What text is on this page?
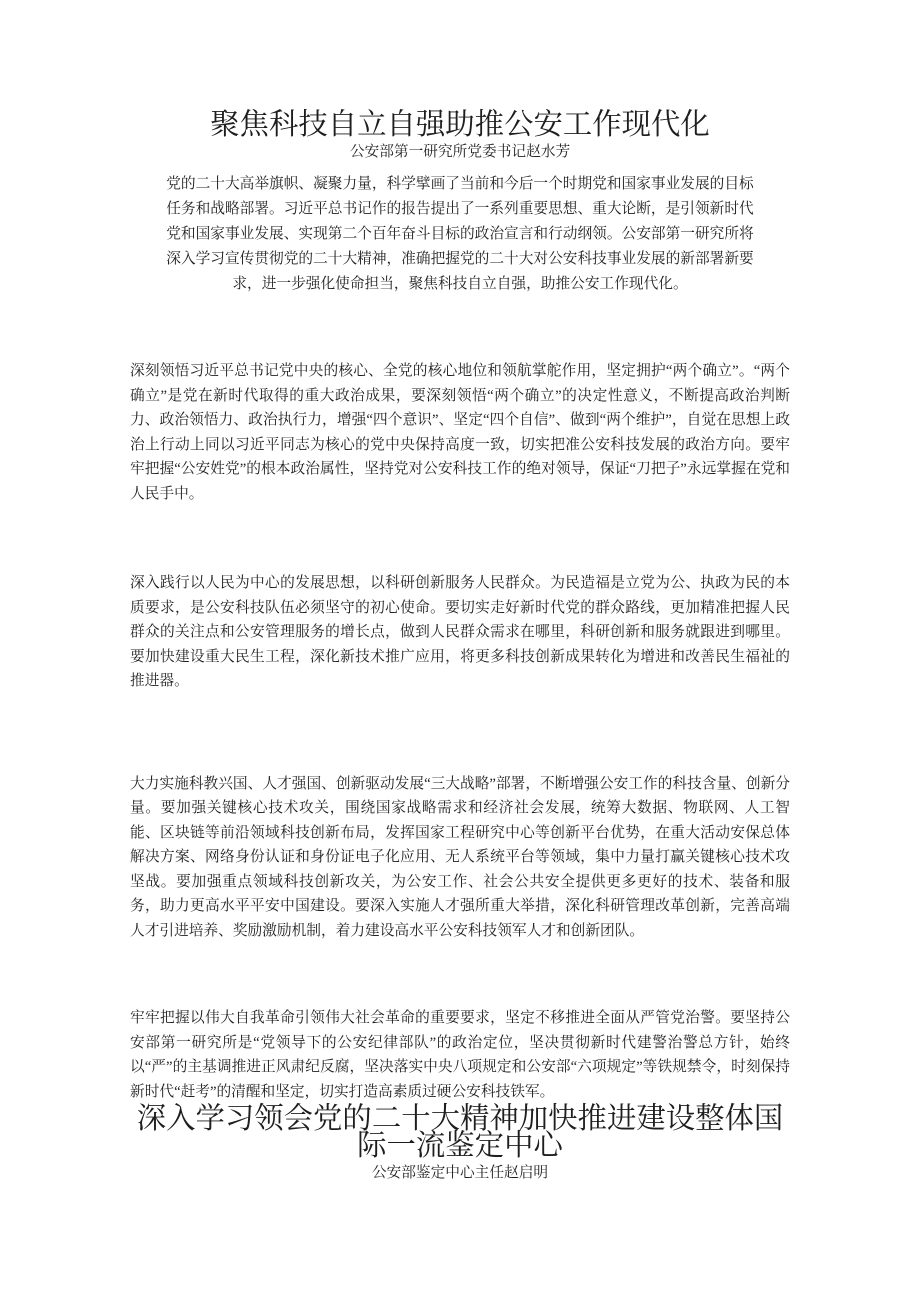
聚焦科技自立自强助推公安工作现代化
公安部第一研究所党委书记赵水芳
党的二十大高举旗帜、凝聚力量，科学擘画了当前和今后一个时期党和国家事业发展的目标任务和战略部署。习近平总书记作的报告提出了一系列重要思想、重大论断，是引领新时代党和国家事业发展、实现第二个百年奋斗目标的政治宣言和行动纲领。公安部第一研究所将深入学习宣传贯彻党的二十大精神，准确把握党的二十大对公安科技事业发展的新部署新要求，进一步强化使命担当，聚焦科技自立自强，助推公安工作现代化。

深刻领悟习近平总书记党中央的核心、全党的核心地位和领航掌舵作用，坚定拥护“两个确立”。“两个确立”是党在新时代取得的重大政治成果，要深刻领悟“两个确立”的决定性意义，不断提高政治判断力、政治领悟力、政治执行力，增强“四个意识”、坚定“四个自信”、做到“两个维护”，自觉在思想上政治上行动上同以习近平同志为核心的党中央保持高度一致，切实把准公安科技发展的政治方向。要牢牢把握“公安姓党”的根本政治属性，坚持党对公安科技工作的绝对领导，保证“刀把子”永远掌握在党和人民手中。

深入践行以人民为中心的发展思想，以科研创新服务人民群众。为民造福是立党为公、执政为民的本质要求，是公安科技队伍必须坚守的初心使命。要切实走好新时代党的群众路线，更加精准把握人民群众的关注点和公安管理服务的增长点，做到人民群众需求在哪里，科研创新和服务就跟进到哪里。要加快建设重大民生工程，深化新技术推广应用，将更多科技创新成果转化为增进和改善民生福祉的推进器。

大力实施科教兴国、人才强国、创新驱动发展“三大战略”部署，不断增强公安工作的科技含量、创新分量。要加强关键核心技术攻关，围绕国家战略需求和经济社会发展，统筹大数据、物联网、人工智能、区块链等前沿领域科技创新布局，发挥国家工程研究中心等创新平台优势，在重大活动安保总体解决方案、网络身份认证和身份证电子化应用、无人系统平台等领域，集中力量打赢关键核心技术攻坚战。要加强重点领域科技创新攻关，为公安工作、社会公共安全提供更多更好的技术、装备和服务，助力更高水平平安中国建设。要深入实施人才强所重大举措，深化科研管理改革创新，完善高端人才引进培养、奖励激励机制，着力建设高水平公安科技领军人才和创新团队。

牢牢把握以伟大自我革命引领伟大社会革命的重要要求，坚定不移推进全面从严管党治警。要坚持公安部第一研究所是“党领导下的公安纪律部队”的政治定位，坚决贯彻新时代建警治警总方针，始终以“严”的主基调推进正风肃纪反腐，坚决落实中央八项规定和公安部“六项规定”等铁规禁令，时刻保持新时代“赶考”的清醒和坚定，切实打造高素质过硬公安科技铁军。

深入学习领会党的二十大精神加快推进建设整体国际一流鉴定中心
公安部鉴定中心主任赵启明
